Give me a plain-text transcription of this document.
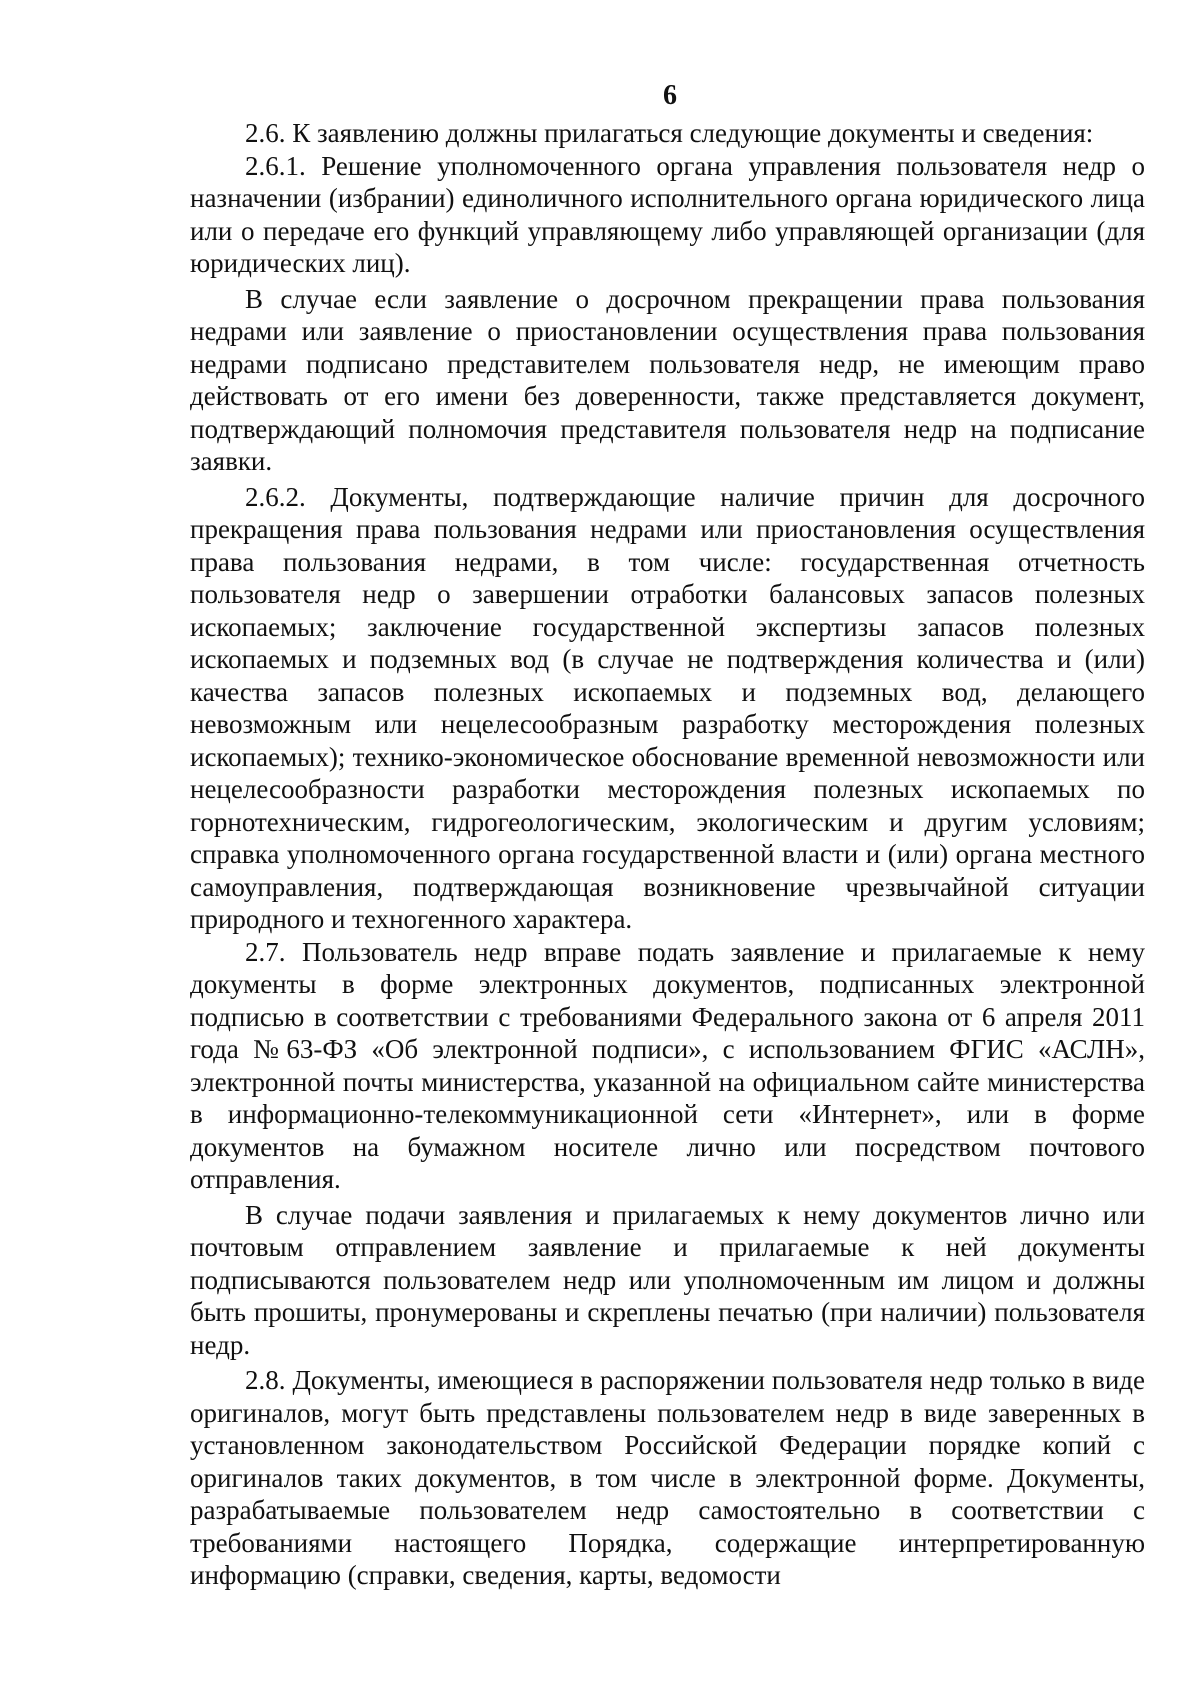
6

2.6. К заявлению должны прилагаться следующие документы и сведения:

2.6.1. Решение уполномоченного органа управления пользователя недр о назначении (избрании) единоличного исполнительного органа юридического лица или о передаче его функций управляющему либо управляющей организации (для юридических лиц).

В случае если заявление о досрочном прекращении права пользования недрами или заявление о приостановлении осуществления права пользования недрами подписано представителем пользователя недр, не имеющим право действовать от его имени без доверенности, также представляется документ, подтверждающий полномочия представителя пользователя недр на подписание заявки.

2.6.2. Документы, подтверждающие наличие причин для досрочного прекращения права пользования недрами или приостановления осуществления права пользования недрами, в том числе: государственная отчетность пользователя недр о завершении отработки балансовых запасов полезных ископаемых; заключение государственной экспертизы запасов полезных ископаемых и подземных вод (в случае не подтверждения количества и (или) качества запасов полезных ископаемых и подземных вод, делающего невозможным или нецелесообразным разработку месторождения полезных ископаемых); технико-экономическое обоснование временной невозможности или нецелесообразности разработки месторождения полезных ископаемых по горнотехническим, гидрогеологическим, экологическим и другим условиям; справка уполномоченного органа государственной власти и (или) органа местного самоуправления, подтверждающая возникновение чрезвычайной ситуации природного и техногенного характера.

2.7. Пользователь недр вправе подать заявление и прилагаемые к нему документы в форме электронных документов, подписанных электронной подписью в соответствии с требованиями Федерального закона от 6 апреля 2011 года №63-ФЗ «Об электронной подписи», с использованием ФГИС «АСЛН», электронной почты министерства, указанной на официальном сайте министерства в информационно-телекоммуникационной сети «Интернет», или в форме документов на бумажном носителе лично или посредством почтового отправления.

В случае подачи заявления и прилагаемых к нему документов лично или почтовым отправлением заявление и прилагаемые к ней документы подписываются пользователем недр или уполномоченным им лицом и должны быть прошиты, пронумерованы и скреплены печатью (при наличии) пользователя недр.

2.8. Документы, имеющиеся в распоряжении пользователя недр только в виде оригиналов, могут быть представлены пользователем недр в виде заверенных в установленном законодательством Российской Федерации порядке копий с оригиналов таких документов, в том числе в электронной форме. Документы, разрабатываемые пользователем недр самостоятельно в соответствии с требованиями настоящего Порядка, содержащие интерпретированную информацию (справки, сведения, карты, ведомости
